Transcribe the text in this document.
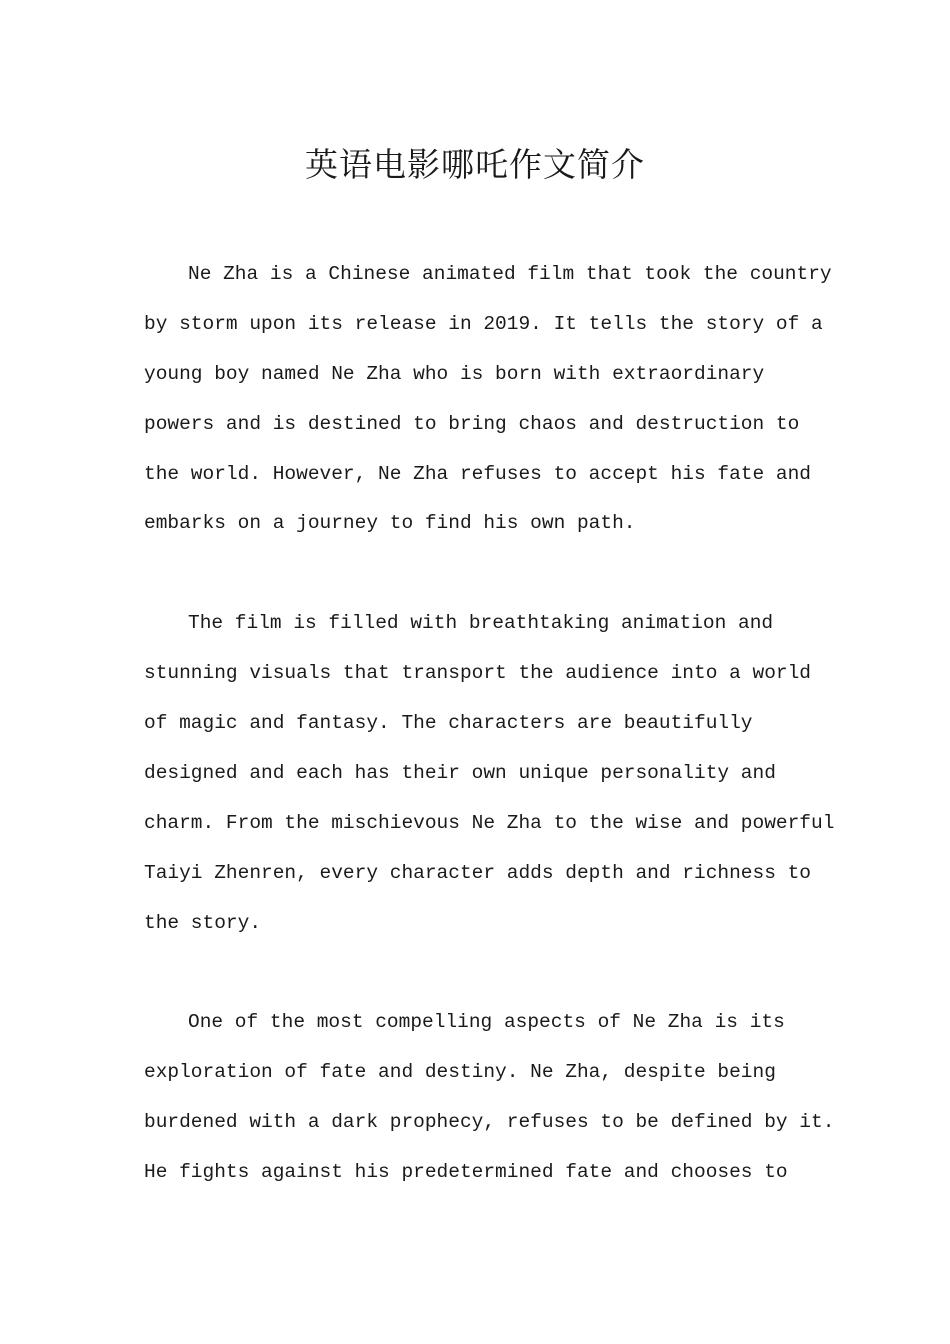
英语电影哪吒作文简介

Ne Zha is a Chinese animated film that took the country

by storm upon its release in 2019. It tells the story of a

young boy named Ne Zha who is born with extraordinary

powers and is destined to bring chaos and destruction to

the world. However, Ne Zha refuses to accept his fate and

embarks on a journey to find his own path.

The film is filled with breathtaking animation and

stunning visuals that transport the audience into a world

of magic and fantasy. The characters are beautifully

designed and each has their own unique personality and

charm. From the mischievous Ne Zha to the wise and powerful

Taiyi Zhenren, every character adds depth and richness to

the story.

One of the most compelling aspects of Ne Zha is its

exploration of fate and destiny. Ne Zha, despite being

burdened with a dark prophecy, refuses to be defined by it.

He fights against his predetermined fate and chooses to
